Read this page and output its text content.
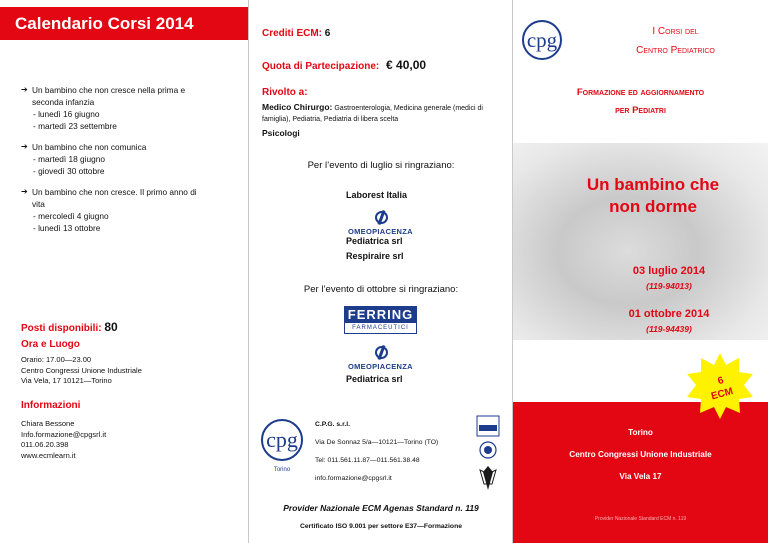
Calendario Corsi 2014
➔ Un bambino che non cresce nella prima e
seconda infanzia
- lunedì 16 giugno
- martedì 23 settembre
➔ Un bambino che non comunica
- martedì 18 giugno
- giovedì 30 ottobre
➔ Un bambino che non cresce. Il primo anno di
vita
- mercoledì 4 giugno
- lunedì 13 ottobre
Posti disponibili: 80
Ora e Luogo
Orario: 17.00—23.00
Centro Congressi Unione Industriale
Via Vela, 17 10121—Torino
Informazioni
Chiara Bessone
Info.formazione@cpgsrl.it
011.06.20.398
www.ecmlearn.it
Crediti ECM: 6
Quota di Partecipazione: € 40,00
Rivolto a:
Medico Chirurgo: Gastroenterologia, Medicina generale (medici di famiglia), Pediatria, Pediatria di libera scelta
Psicologi
Per l’evento di luglio si ringraziano:
Laborest Italia
OMEOPIACENZA
Pediatrica srl
Respiraire srl
Per l’evento di ottobre si ringraziano:
FERRING
FARMACEUTICI
OMEOPIACENZA
Pediatrica srl
cpg
Torino
C.P.G. s.r.l.
Via De Sonnaz 5/a—10121—Torino (TO)
Tel: 011.561.11.87—011.561.38.48
info.formazione@cpgsrl.it
Provider Nazionale ECM Agenas Standard n. 119
Certificato ISO 9.001 per settore E37—Formazione
cpg	I Corsi del
Centro Pediatrico
Formazione ed aggiornamento
per Pediatri
Un bambino che
non dorme
03 luglio 2014
(119-94013)
01 ottobre 2014
(119-94439)
Torino
Centro Congressi Unione Industriale
Via Vela 17
Provider Nazionale Standard ECM n. 119
6
ECM
